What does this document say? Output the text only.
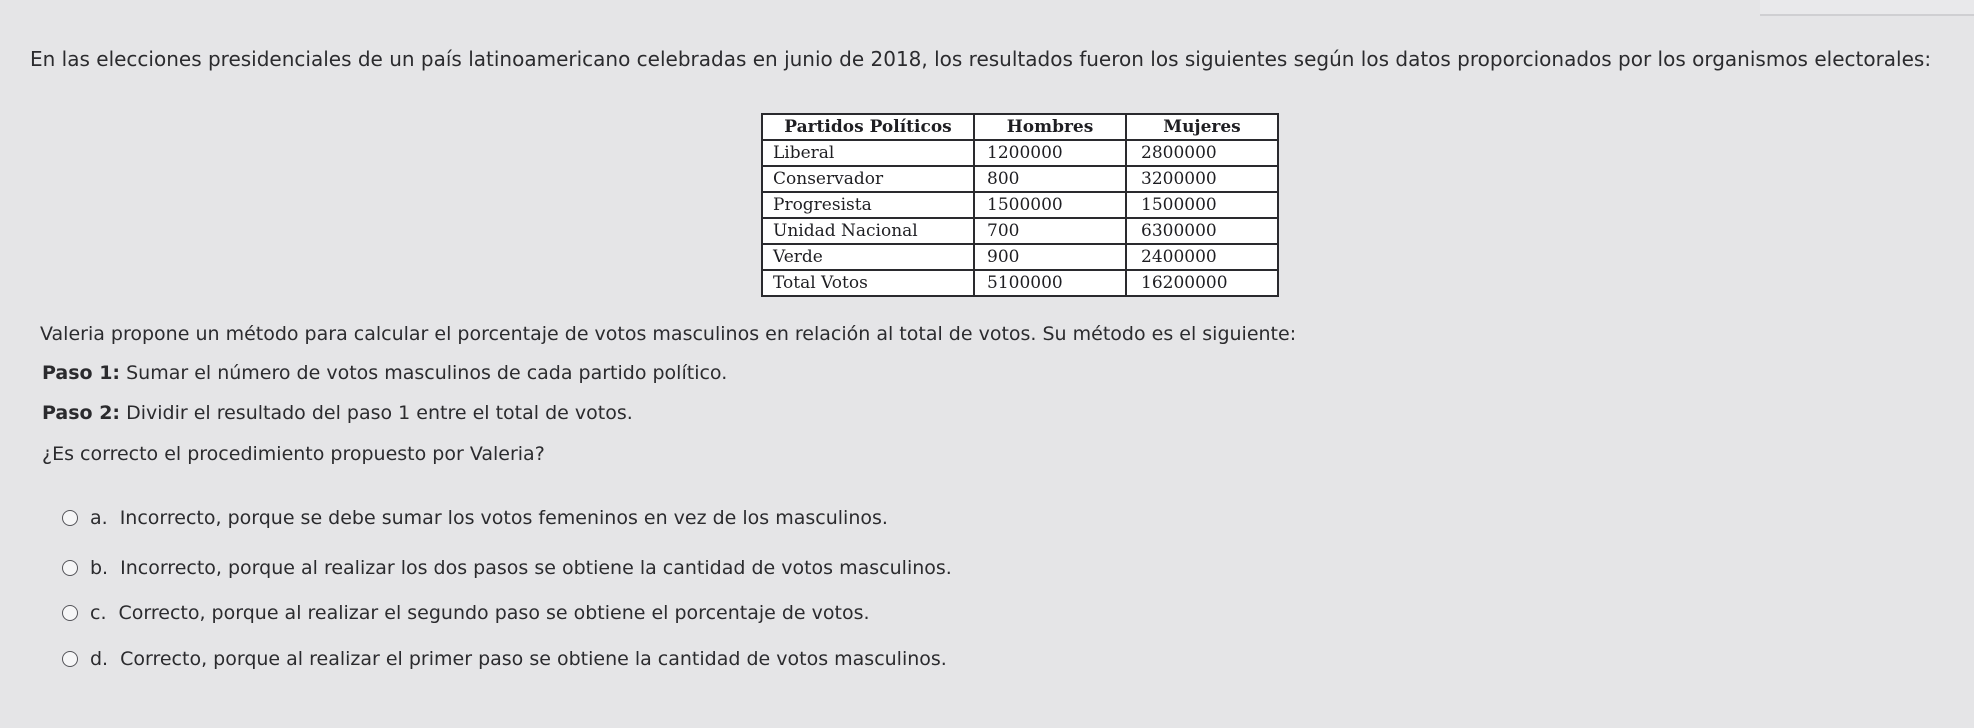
En las elecciones presidenciales de un país latinoamericano celebradas en junio de 2018, los resultados fueron los siguientes según los datos proporcionados por los organismos electorales:

Partidos Políticos	Hombres	Mujeres
Liberal	1200000	2800000
Conservador	800	3200000
Progresista	1500000	1500000
Unidad Nacional	700	6300000
Verde	900	2400000
Total Votos	5100000	16200000

Valeria propone un método para calcular el porcentaje de votos masculinos en relación al total de votos. Su método es el siguiente:

Paso 1: Sumar el número de votos masculinos de cada partido político.

Paso 2: Dividir el resultado del paso 1 entre el total de votos.

¿Es correcto el procedimiento propuesto por Valeria?

a. Incorrecto, porque se debe sumar los votos femeninos en vez de los masculinos.
b. Incorrecto, porque al realizar los dos pasos se obtiene la cantidad de votos masculinos.
c. Correcto, porque al realizar el segundo paso se obtiene el porcentaje de votos.
d. Correcto, porque al realizar el primer paso se obtiene la cantidad de votos masculinos.
